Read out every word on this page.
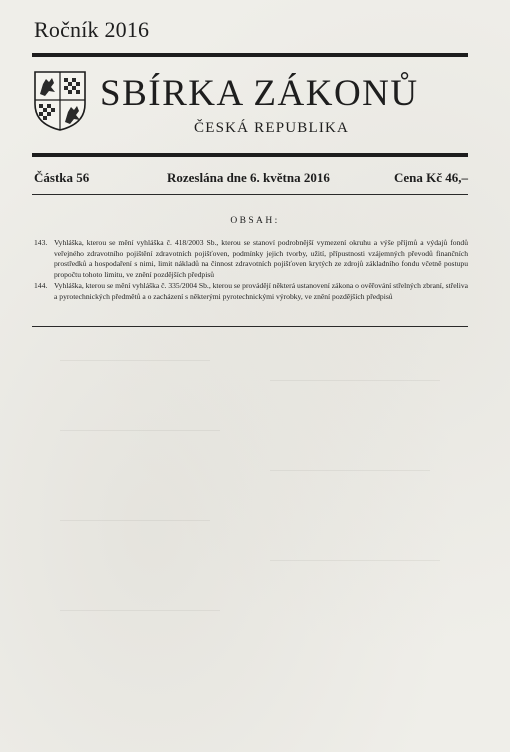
Ročník 2016
SBÍRKA ZÁKONŮ
ČESKÁ REPUBLIKA
Částka 56	Rozeslána dne 6. května 2016	Cena Kč 46,–
OBSAH:
143. Vyhláška, kterou se mění vyhláška č. 418/2003 Sb., kterou se stanoví podrobnější vymezení okruhu a výše příjmů a výdajů fondů veřejného zdravotního pojištění zdravotních pojišťoven, podmínky jejich tvorby, užití, přípustnosti vzájemných převodů finančních prostředků a hospodaření s nimi, limit nákladů na činnost zdravotních pojišťoven krytých ze zdrojů základního fondu včetně postupu propočtu tohoto limitu, ve znění pozdějších předpisů
144. Vyhláška, kterou se mění vyhláška č. 335/2004 Sb., kterou se provádějí některá ustanovení zákona o ověřování střelných zbraní, střeliva a pyrotechnických předmětů a o zacházení s některými pyrotechnickými výrobky, ve znění pozdějších předpisů
